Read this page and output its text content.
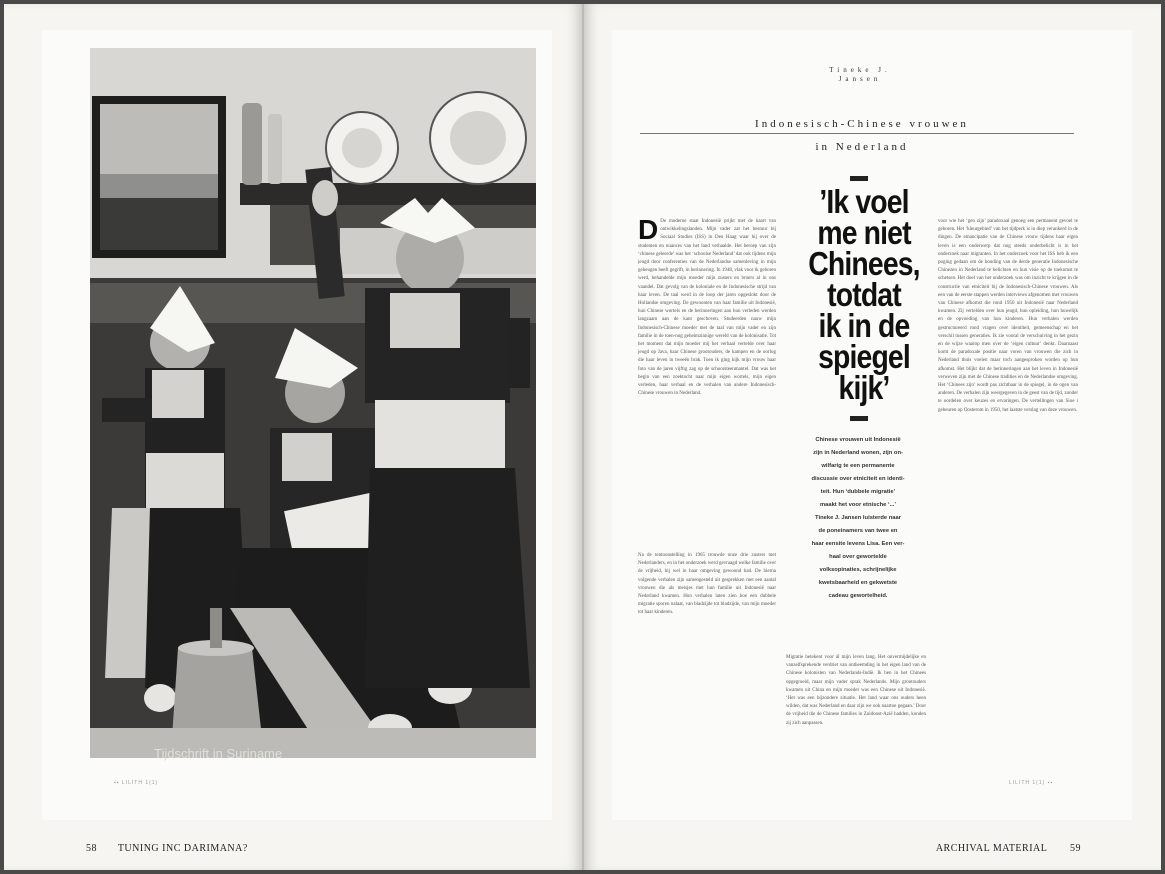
Tijdschrift in Suriname
▪▪ LILITH 1(1)
58 TUNING INC DARIMANA?
Tineke J.
Jansen
Indonesisch-Chinese vrouwen
in Nederland
’Ik voel
me niet
Chinees,
totdat
ik in de
spiegel
kijk’
Chinese vrouwen uit Indonesië
zijn in Nederland wonen, zijn on-
wilfarig te een permanente
discussie over etniciteit en identi-
teit. Hun ‘dubbele migratie’
maakt het voor etnische ‘...’
Tineke J. Jansen luisterde naar
de poneinamers van twee en
haar eensite levens Lisa. Een ver-
haal over gewortelde
volksopinaties, schrijnelijke
kwetsbaarheid en gekwetste
cadeau gewortelheid.
D De moderne staat Indonesië prijkt met de kaart van ontwikkelingslanden. Mijn vader zat het bestuur bij Sociaal Studies (ISS) in Den Haag waar hij over de studenten en nuances van het land verhaalde. Het beroep van zijn ‘chinese geleerde’ was het ‘schoolse Nederland’ dat ook tijdens mijn jeugd door conferenties van de Nederlandse samenleving in mijn geheugen heeft gegrift, in herinnering. In 1948, vlak voor ik geboren werd, behandelde mijn moeder mijn zusters en broers al in ons vaandel. Dat gevolg van de koloniale en de Indonesische strijd van haar leven. De taal werd in de loop der jaren opgeslokt door de Hollandse omgeving. De gewoonten van haar familie uit Indonesië, hun Chinese wortels en de herinneringen aan hun verleden werden langzaam aan de kant geschoven. Studeerden nauw mijn Indonesisch-Chinese moeder met de taal van mijn vader en zijn familie in de toen-nog geheimzinnige wereld van de kolonisatie. Tot het moment dat mijn moeder mij het verhaal vertelde over haar jeugd op Java, haar Chinese grootouders, de kampen en de oorlog die haar leven in tweeën brak. Toen ik ging kijk mijn vrouw haar foto van de jaren vijftig zag op de schoorsteenmantel. Dat was het begin van een zoektocht naar mijn eigen wortels, mijn eigen verleden, haar verhaal en de verhalen van andere Indonesisch-Chinese vrouwen in Nederland.

Na de tentoonstelling in 1965 trouwde onze drie zusters met Nederlanders, en in het onderzoek werd gevraagd welke familie over de vrijheid, hij wel in haar omgeving gewoond had. De hierna volgende verhalen zijn samengesteld uit gesprekken met een aantal vrouwen die als meisjes met hun familie uit Indonesië naar Nederland kwamen. Hun verhalen laten zien hoe een dubbele migratie sporen nalaat, van bladzijde tot bladzijde, van mijn moeder tot haar kinderen.

Migratie betekent voor ál mijn leven lang. Het onvermijdelijke en vanzelfsprekende verdriet van ontheemding in het eigen land van de Chinese kolonisten van Nederlands-Indië. Ik ben in het Chinees opgegroeid, maar mijn vader sprak Nederlands. Mijn grootouders kwamen uit China en mijn moeder was een Chinese uit Indonesië. ‘Het was een bijzondere situatie. Het land waar ons ouders heen wilden, dat was Nederland en daar zijn we ook naartoe gegaan.’ Door de vrijheid die de Chinese families in Zuidoost-Azië hadden, konden zij zich aanpassen.

voor wie het ‘gen zijn’ paradoxaal genoeg een permanent gevoel te geboren. Het ‘kleurgebied’ van het tijdperk is in diep verankerd in de dingen. De emancipatie van de Chinese vrouw tijdens haar eigen leven is een onderwerp dat nog steeds onderbelicht is in het onderzoek naar migranten. In het onderzoek voor het ISS heb ik een poging gedaan om de houding van de derde generatie Indonesische Chinezen in Nederland te belichten en hun visie op de toekomst te schetsen. Het doel van het onderzoek was om inzicht te krijgen in de constructie van etniciteit bij de Indonesisch-Chinese vrouwen. Als een van de eerste stappen werden interviews afgenomen met vrouwen van Chinese afkomst die rond 1950 uit Indonesië naar Nederland kwamen. Zij vertelden over hun jeugd, hun opleiding, hun huwelijk en de opvoeding van hun kinderen. Hun verhalen werden gestructureerd rond vragen over identiteit, gemeenschap en het verschil tussen generaties. Ik zie vooral de verschuiving in het gezin en de wijze waarop men over de ‘eigen cultuur’ denkt. Daarnaast komt de paradoxale positie naar voren van vrouwen die zich in Nederland thuis voelen maar toch aangesproken worden op hun afkomst. Het blijkt dat de herinneringen aan het leven in Indonesië verweven zijn met de Chinese tradities en de Nederlandse omgeving. Het ‘Chinees zijn’ wordt pas zichtbaar in de spiegel, in de ogen van anderen. De verhalen zijn weergegeven in de geest van de tijd, zonder te oordelen over keuzes en ervaringen. De vertellingen van Sioe i gebeuren op Oosterom in 1950, het laatste verslag van deze vrouwen.

LILITH 1(1) ▪▪
ARCHIVAL MATERIAL 59
